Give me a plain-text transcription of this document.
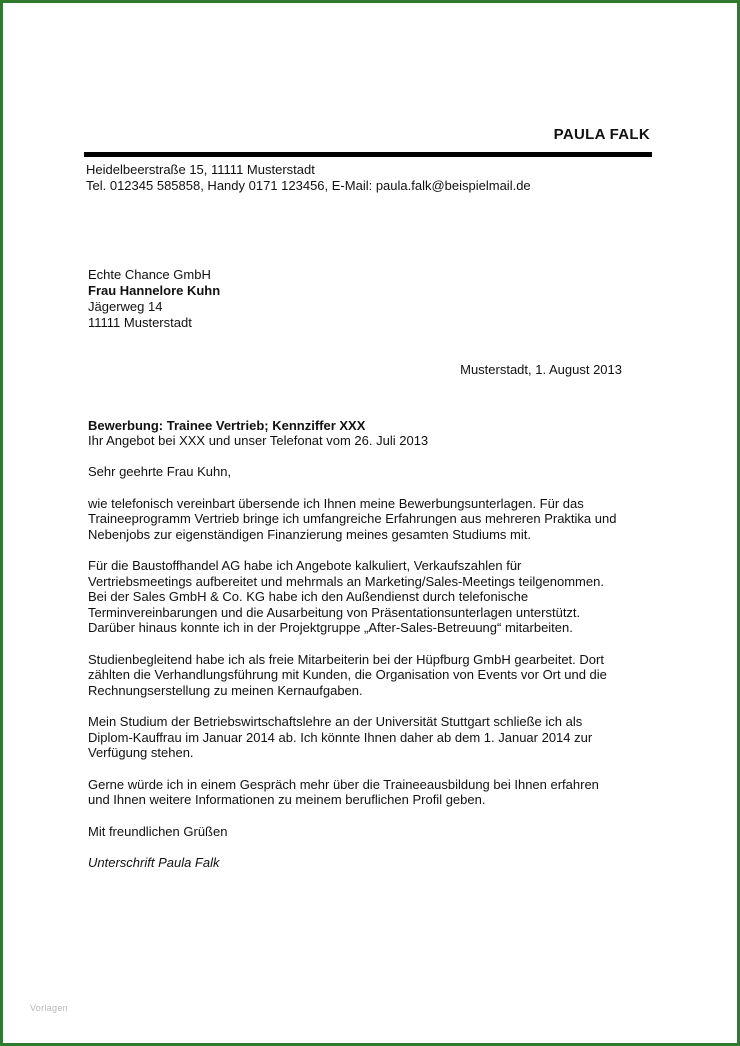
PAULA FALK
Heidelbeerstraße 15, 11111 Musterstadt
Tel. 012345 585858, Handy 0171 123456, E-Mail: paula.falk@beispielmail.de
Echte Chance GmbH
Frau Hannelore Kuhn
Jägerweg 14
11111 Musterstadt
Musterstadt, 1. August 2013
Bewerbung: Trainee Vertrieb; Kennziffer XXX
Ihr Angebot bei XXX und unser Telefonat vom 26. Juli 2013

Sehr geehrte Frau Kuhn,

wie telefonisch vereinbart übersende ich Ihnen meine Bewerbungsunterlagen. Für das
Traineeprogramm Vertrieb bringe ich umfangreiche Erfahrungen aus mehreren Praktika und
Nebenjobs zur eigenständigen Finanzierung meines gesamten Studiums mit.

Für die Baustoffhandel AG habe ich Angebote kalkuliert, Verkaufszahlen für
Vertriebsmeetings aufbereitet und mehrmals an Marketing/Sales-Meetings teilgenommen.
Bei der Sales GmbH & Co. KG habe ich den Außendienst durch telefonische
Terminvereinbarungen und die Ausarbeitung von Präsentationsunterlagen unterstützt.
Darüber hinaus konnte ich in der Projektgruppe „After-Sales-Betreuung“ mitarbeiten.

Studienbegleitend habe ich als freie Mitarbeiterin bei der Hüpfburg GmbH gearbeitet. Dort
zählten die Verhandlungsführung mit Kunden, die Organisation von Events vor Ort und die
Rechnungserstellung zu meinen Kernaufgaben.

Mein Studium der Betriebswirtschaftslehre an der Universität Stuttgart schließe ich als
Diplom-Kauffrau im Januar 2014 ab. Ich könnte Ihnen daher ab dem 1. Januar 2014 zur
Verfügung stehen.

Gerne würde ich in einem Gespräch mehr über die Traineeausbildung bei Ihnen erfahren
und Ihnen weitere Informationen zu meinem beruflichen Profil geben.

Mit freundlichen Grüßen

Unterschrift Paula Falk

Vorlagen
